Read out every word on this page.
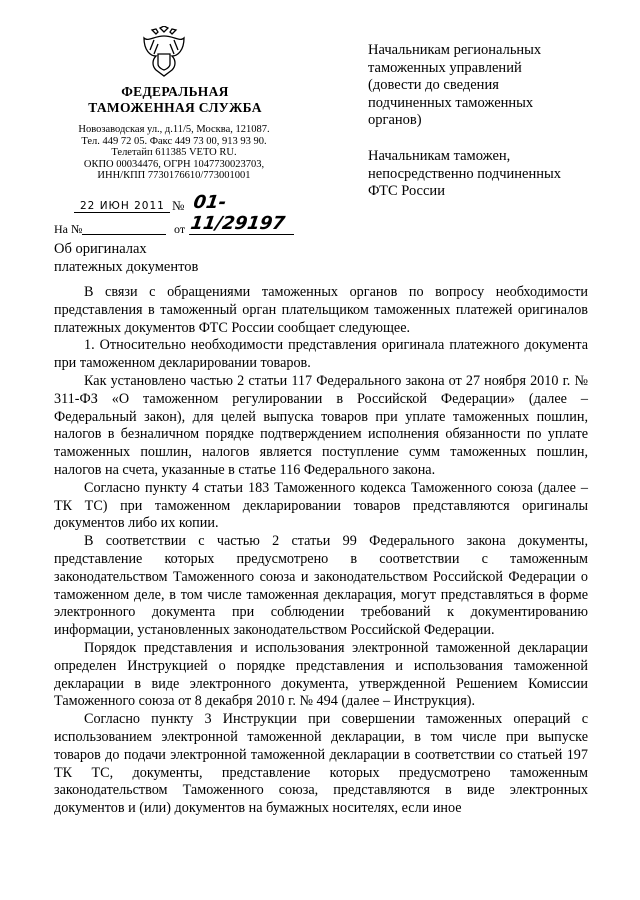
ФЕДЕРАЛЬНАЯ
ТАМОЖЕННАЯ СЛУЖБА
Новозаводская ул., д.11/5, Москва, 121087.
Тел. 449 72 05. Факс 449 73 00, 913 93 90.
Телетайп 611385 VETO RU.
ОКПО 00034476, ОГРН 1047730023703,
ИНН/КПП 7730176610/773001001
22 ИЮН 2011 № 01-11/29197
На №	от
Об оригиналах
платежных документов
Начальникам региональных
таможенных управлений
(довести до сведения
подчиненных таможенных
органов)
Начальникам таможен,
непосредственно подчиненных
ФТС России

В связи с обращениями таможенных органов по вопросу необходимости представления в таможенный орган плательщиком таможенных платежей оригиналов платежных документов ФТС России сообщает следующее.

1. Относительно необходимости представления оригинала платежного документа при таможенном декларировании товаров.

Как установлено частью 2 статьи 117 Федерального закона от 27 ноября 2010 г. № 311-ФЗ «О таможенном регулировании в Российской Федерации» (далее – Федеральный закон), для целей выпуска товаров при уплате таможенных пошлин, налогов в безналичном порядке подтверждением исполнения обязанности по уплате таможенных пошлин, налогов является поступление сумм таможенных пошлин, налогов на счета, указанные в статье 116 Федерального закона.

Согласно пункту 4 статьи 183 Таможенного кодекса Таможенного союза (далее – ТК ТС) при таможенном декларировании товаров представляются оригиналы документов либо их копии.

В соответствии с частью 2 статьи 99 Федерального закона документы, представление которых предусмотрено в соответствии с таможенным законодательством Таможенного союза и законодательством Российской Федерации о таможенном деле, в том числе таможенная декларация, могут представляться в форме электронного документа при соблюдении требований к документированию информации, установленных законодательством Российской Федерации.

Порядок представления и использования электронной таможенной декларации определен Инструкцией о порядке представления и использования таможенной декларации в виде электронного документа, утвержденной Решением Комиссии Таможенного союза от 8 декабря 2010 г. № 494 (далее – Инструкция).

Согласно пункту 3 Инструкции при совершении таможенных операций с использованием электронной таможенной декларации, в том числе при выпуске товаров до подачи электронной таможенной декларации в соответствии со статьей 197 ТК ТС, документы, представление которых предусмотрено таможенным законодательством Таможенного союза, представляются в виде электронных документов и (или) документов на бумажных носителях, если иное
